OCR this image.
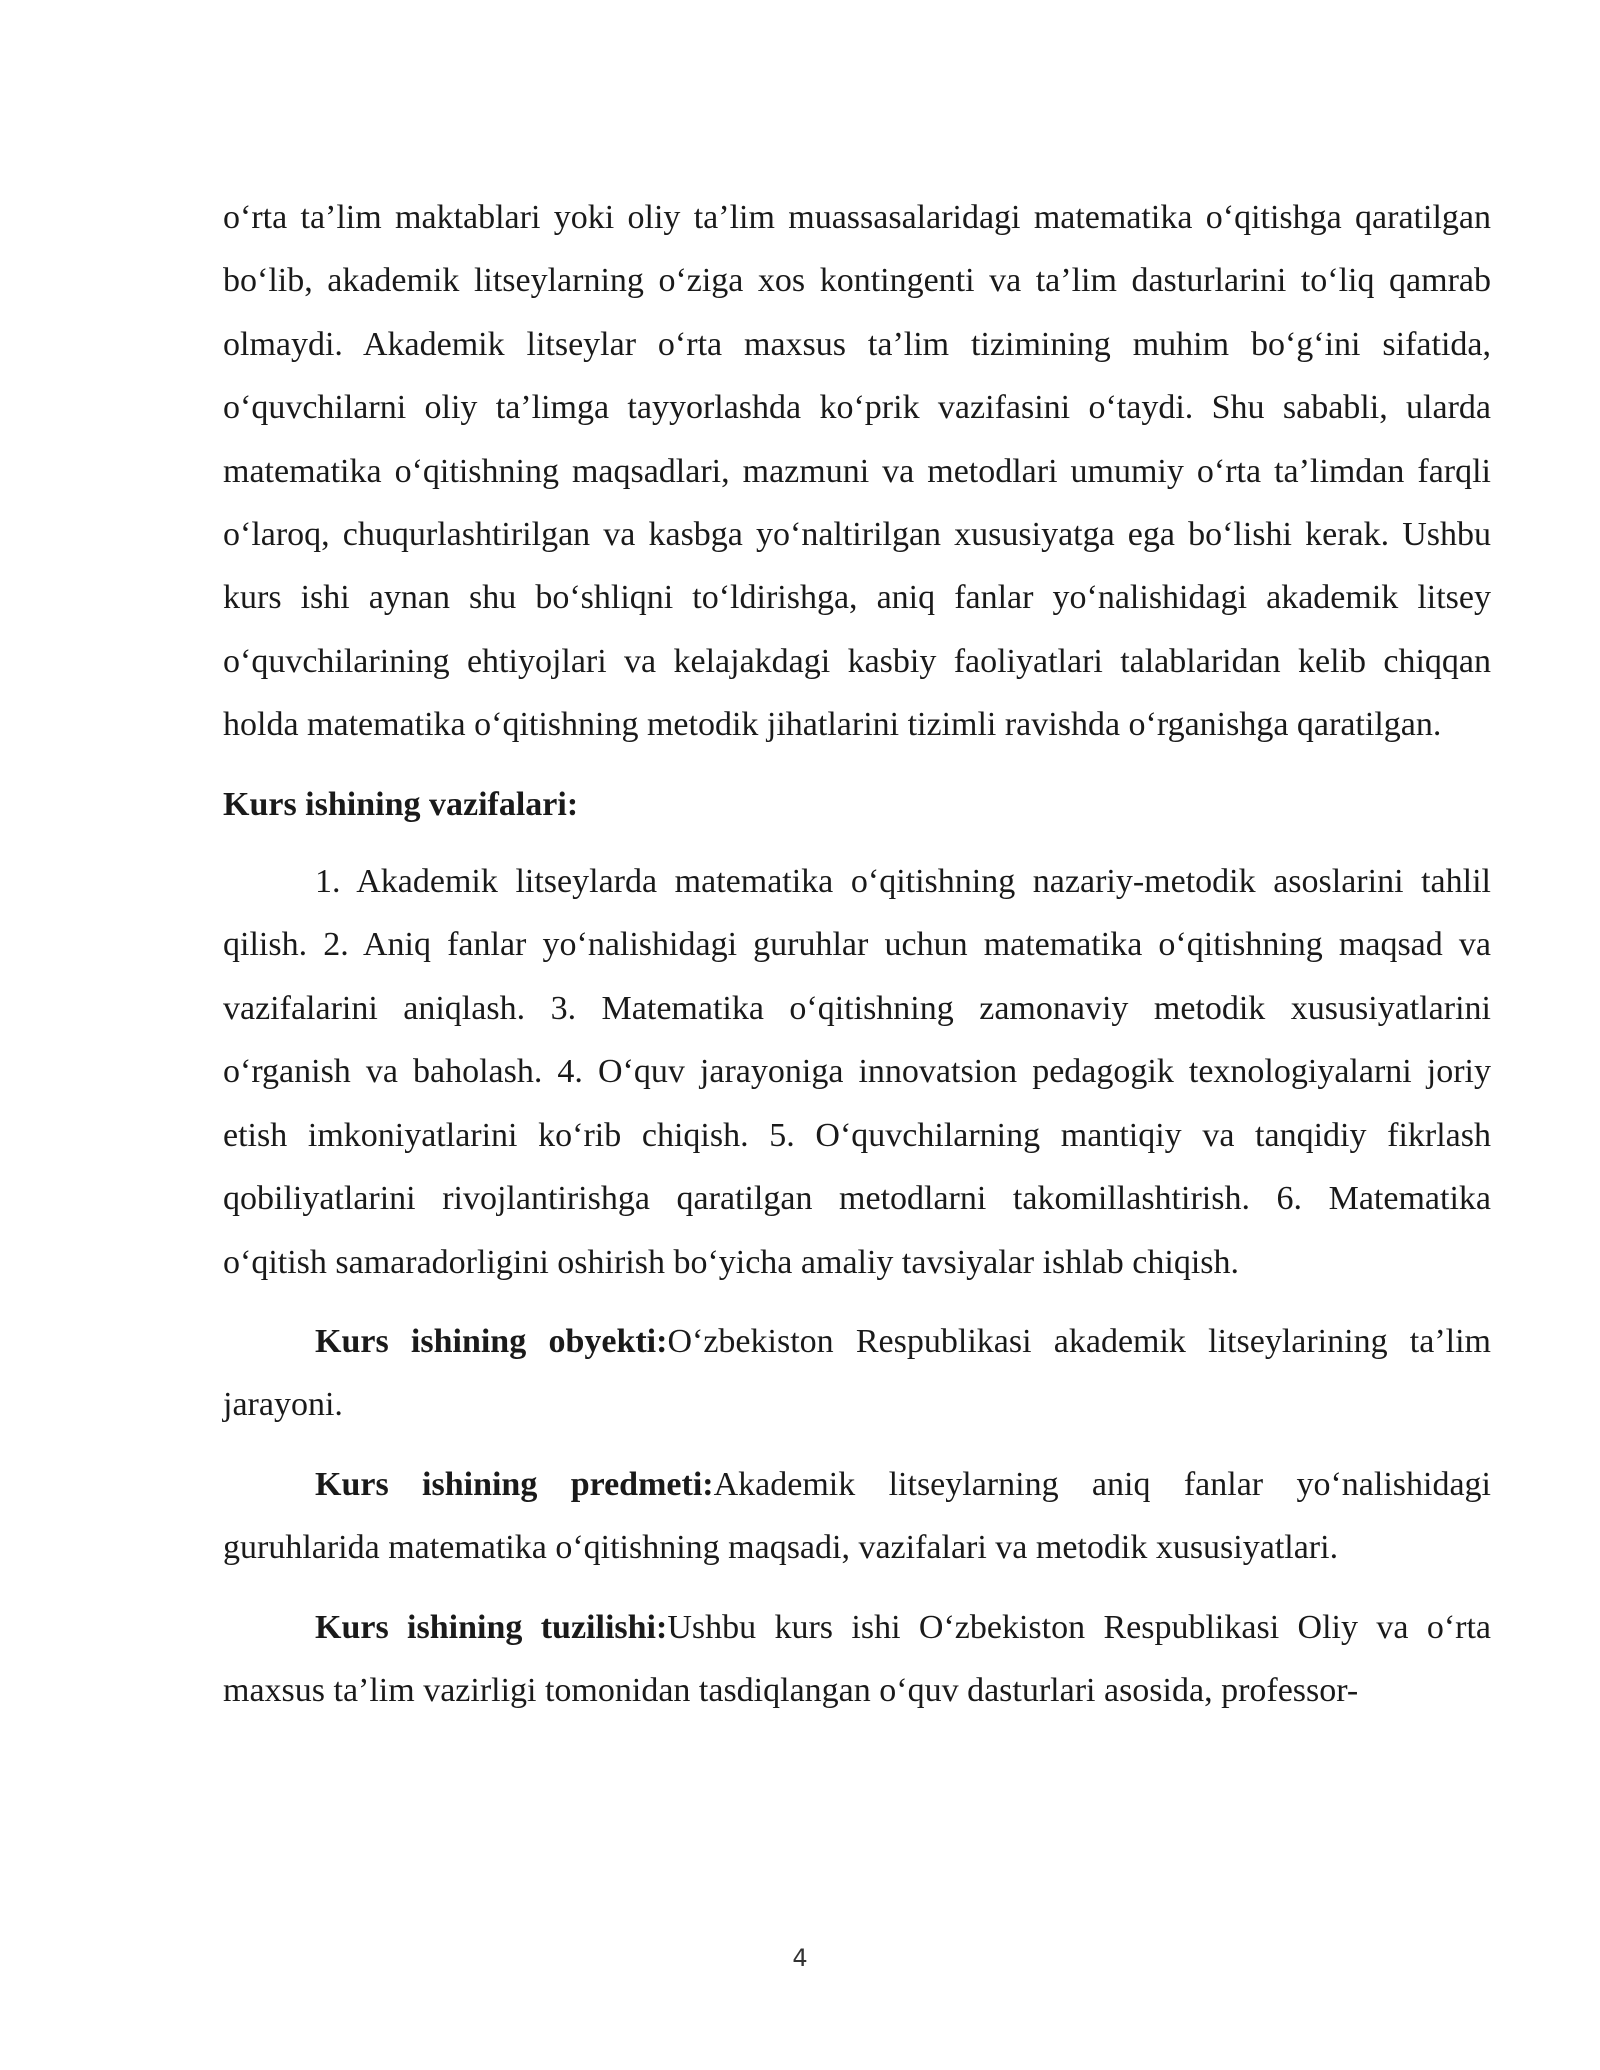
o‘rta ta’lim maktablari yoki oliy ta’lim muassasalaridagi matematika o‘qitishga qaratilgan bo‘lib, akademik litseylarning o‘ziga xos kontingenti va ta’lim dasturlarini to‘liq qamrab olmaydi. Akademik litseylar o‘rta maxsus ta’lim tizimining muhim bo‘g‘ini sifatida, o‘quvchilarni oliy ta’limga tayyorlashda ko‘prik vazifasini o‘taydi. Shu sababli, ularda matematika o‘qitishning maqsadlari, mazmuni va metodlari umumiy o‘rta ta’limdan farqli o‘laroq, chuqurlashtirilgan va kasbga yo‘naltirilgan xususiyatga ega bo‘lishi kerak. Ushbu kurs ishi aynan shu bo‘shliqni to‘ldirishga, aniq fanlar yo‘nalishidagi akademik litsey o‘quvchilarining ehtiyojlari va kelajakdagi kasbiy faoliyatlari talablaridan kelib chiqqan holda matematika o‘qitishning metodik jihatlarini tizimli ravishda o‘rganishga qaratilgan.

Kurs ishining vazifalari:

1. Akademik litseylarda matematika o‘qitishning nazariy-metodik asoslarini tahlil qilish. 2. Aniq fanlar yo‘nalishidagi guruhlar uchun matematika o‘qitishning maqsad va vazifalarini aniqlash. 3. Matematika o‘qitishning zamonaviy metodik xususiyatlarini o‘rganish va baholash. 4. O‘quv jarayoniga innovatsion pedagogik texnologiyalarni joriy etish imkoniyatlarini ko‘rib chiqish. 5. O‘quvchilarning mantiqiy va tanqidiy fikrlash qobiliyatlarini rivojlantirishga qaratilgan metodlarni takomillashtirish. 6. Matematika o‘qitish samaradorligini oshirish bo‘yicha amaliy tavsiyalar ishlab chiqish.

Kurs ishining obyekti:O‘zbekiston Respublikasi akademik litseylarining ta’lim jarayoni.

Kurs ishining predmeti:Akademik litseylarning aniq fanlar yo‘nalishidagi guruhlarida matematika o‘qitishning maqsadi, vazifalari va metodik xususiyatlari.

Kurs ishining tuzilishi:Ushbu kurs ishi O‘zbekiston Respublikasi Oliy va o‘rta maxsus ta’lim vazirligi tomonidan tasdiqlangan o‘quv dasturlari asosida, professor-

4
